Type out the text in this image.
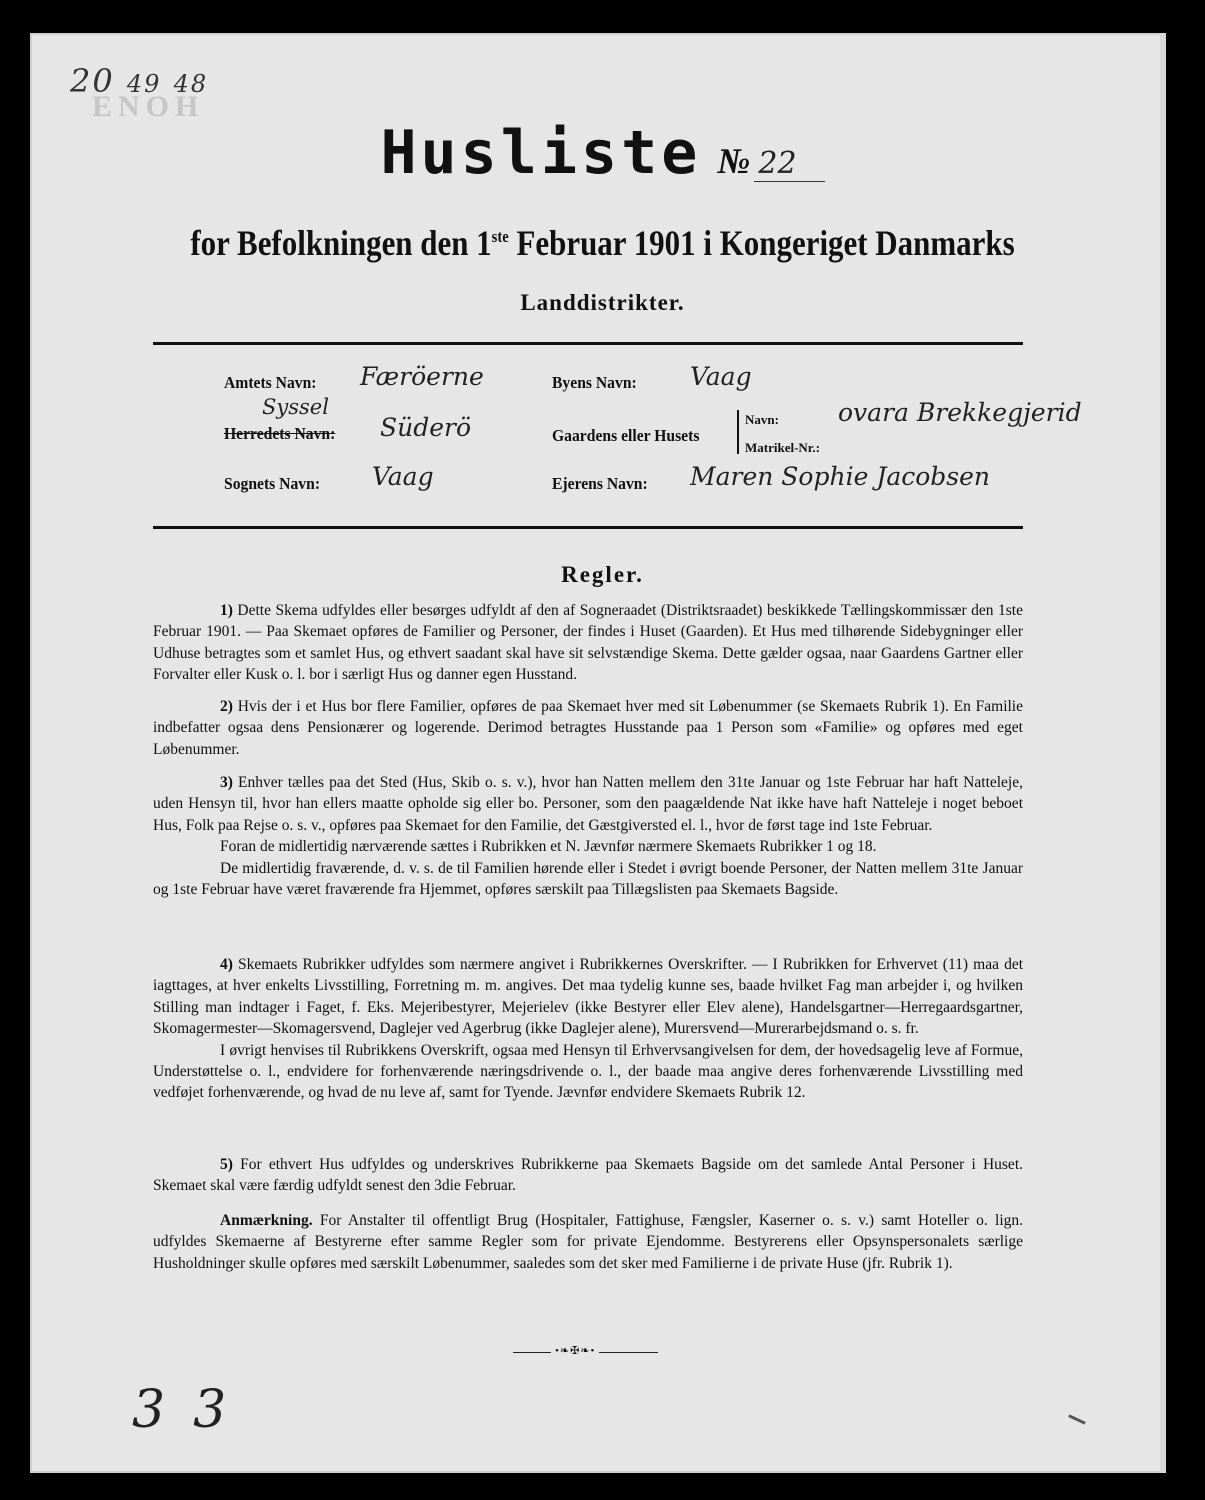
20 49 48
ENOH
Husliste № 22
for Befolkningen den 1ste Februar 1901 i Kongeriget Danmarks
Landdistrikter.
Amtets Navn: Færöerne
Syssel
Herredets Navn: Süderö
Sognets Navn: Vaag
Byens Navn: Vaag
Gaardens eller Husets
Navn:
Matrikel-Nr.:
ovara Brekkegjerid
Ejerens Navn: Maren Sophie Jacobsen
Regler.

1) Dette Skema udfyldes eller besørges udfyldt af den af Sogneraadet (Distriktsraadet) beskikkede Tællingskommissær den 1ste Februar 1901. — Paa Skemaet opføres de Familier og Personer, der findes i Huset (Gaarden). Et Hus med tilhørende Sidebygninger eller Udhuse betragtes som et samlet Hus, og ethvert saadant skal have sit selvstændige Skema. Dette gælder ogsaa, naar Gaardens Gartner eller Forvalter eller Kusk o. l. bor i særligt Hus og danner egen Husstand.

2) Hvis der i et Hus bor flere Familier, opføres de paa Skemaet hver med sit Løbenummer (se Skemaets Rubrik 1). En Familie indbefatter ogsaa dens Pensionærer og logerende. Derimod betragtes Husstande paa 1 Person som «Familie» og opføres med eget Løbenummer.

3) Enhver tælles paa det Sted (Hus, Skib o. s. v.), hvor han Natten mellem den 31te Januar og 1ste Februar har haft Natteleje, uden Hensyn til, hvor han ellers maatte opholde sig eller bo. Personer, som den paagældende Nat ikke have haft Natteleje i noget beboet Hus, Folk paa Rejse o. s. v., opføres paa Skemaet for den Familie, det Gæstgiversted el. l., hvor de først tage ind 1ste Februar.

Foran de midlertidig nærværende sættes i Rubrikken et N. Jævnfør nærmere Skemaets Rubrikker 1 og 18.

De midlertidig fraværende, d. v. s. de til Familien hørende eller i Stedet i øvrigt boende Personer, der Natten mellem 31te Januar og 1ste Februar have været fraværende fra Hjemmet, opføres særskilt paa Tillægslisten paa Skemaets Bagside.

4) Skemaets Rubrikker udfyldes som nærmere angivet i Rubrikkernes Overskrifter. — I Rubrikken for Erhvervet (11) maa det iagttages, at hver enkelts Livsstilling, Forretning m. m. angives. Det maa tydelig kunne ses, baade hvilket Fag man arbejder i, og hvilken Stilling man indtager i Faget, f. Eks. Mejeribestyrer, Mejerielev (ikke Bestyrer eller Elev alene), Handelsgartner—Herregaardsgartner, Skomagermester—Skomagersvend, Daglejer ved Agerbrug (ikke Daglejer alene), Murersvend—Murerarbejdsmand o. s. fr.

I øvrigt henvises til Rubrikkens Overskrift, ogsaa med Hensyn til Erhvervsangivelsen for dem, der hovedsagelig leve af Formue, Understøttelse o. l., endvidere for forhenværende næringsdrivende o. l., der baade maa angive deres forhenværende Livsstilling med vedføjet forhenværende, og hvad de nu leve af, samt for Tyende. Jævnfør endvidere Skemaets Rubrik 12.

5) For ethvert Hus udfyldes og underskrives Rubrikkerne paa Skemaets Bagside om det samlede Antal Personer i Huset. Skemaet skal være færdig udfyldt senest den 3die Februar.

Anmærkning. For Anstalter til offentligt Brug (Hospitaler, Fattighuse, Fængsler, Kaserner o. s. v.) samt Hoteller o. lign. udfyldes Skemaerne af Bestyrerne efter samme Regler som for private Ejendomme. Bestyrerens eller Opsynspersonalets særlige Husholdninger skulle opføres med særskilt Løbenummer, saaledes som det sker med Familierne i de private Huse (jfr. Rubrik 1).

•❧✠❧•
33
